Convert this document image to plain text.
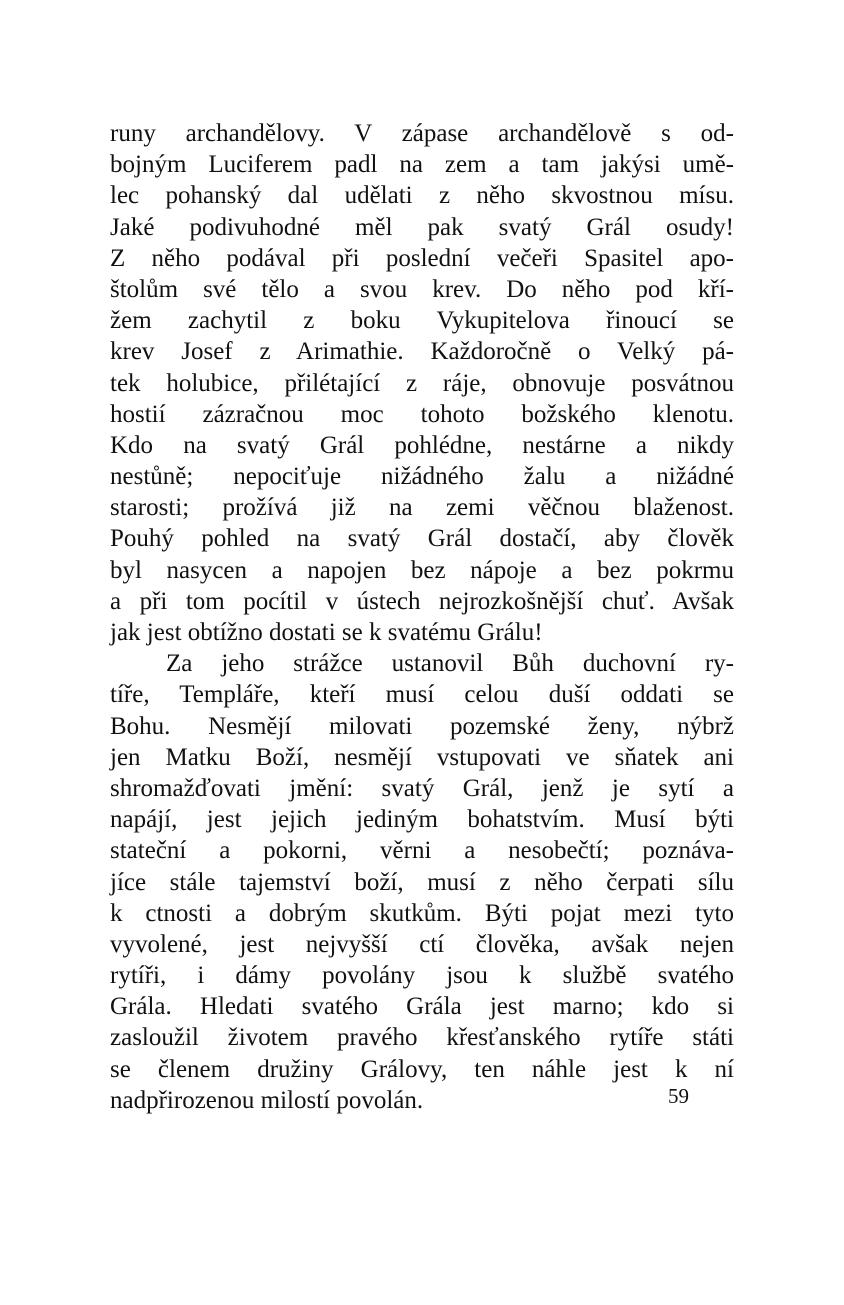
runy archandělovy. V zápase archandělově s od-
bojným Luciferem padl na zem a tam jakýsi umě-
lec pohanský dal udělati z něho skvostnou mísu.
Jaké podivuhodné měl pak svatý Grál osudy!
Z něho podával při poslední večeři Spasitel apo-
štolům své tělo a svou krev. Do něho pod kří-
žem zachytil z boku Vykupitelova řinoucí se
krev Josef z Arimathie. Každoročně o Velký pá-
tek holubice, přilétající z ráje, obnovuje posvátnou
hostií zázračnou moc tohoto božského klenotu.
Kdo na svatý Grál pohlédne, nestárne a nikdy
nestůně; nepociťuje nižádného žalu a nižádné
starosti; prožívá již na zemi věčnou blaženost.
Pouhý pohled na svatý Grál dostačí, aby člověk
byl nasycen a napojen bez nápoje a bez pokrmu
a při tom pocítil v ústech nejrozkošnější chuť. Avšak
jak jest obtížno dostati se k svatému Grálu!
Za jeho strážce ustanovil Bůh duchovní ry-
tíře, Templáře, kteří musí celou duší oddati se
Bohu. Nesmějí milovati pozemské ženy, nýbrž
jen Matku Boží, nesmějí vstupovati ve sňatek ani
shromažďovati jmění: svatý Grál, jenž je sytí a
napájí, jest jejich jediným bohatstvím. Musí býti
stateční a pokorni, věrni a nesobečtí; poznáva-
jíce stále tajemství boží, musí z něho čerpati sílu
k ctnosti a dobrým skutkům. Býti pojat mezi tyto
vyvolené, jest nejvyšší ctí člověka, avšak nejen
rytíři, i dámy povolány jsou k službě svatého
Grála. Hledati svatého Grála jest marno; kdo si
zasloužil životem pravého křesťanského rytíře státi
se členem družiny Grálovy, ten náhle jest k ní
nadpřirozenou milostí povolán.	59
